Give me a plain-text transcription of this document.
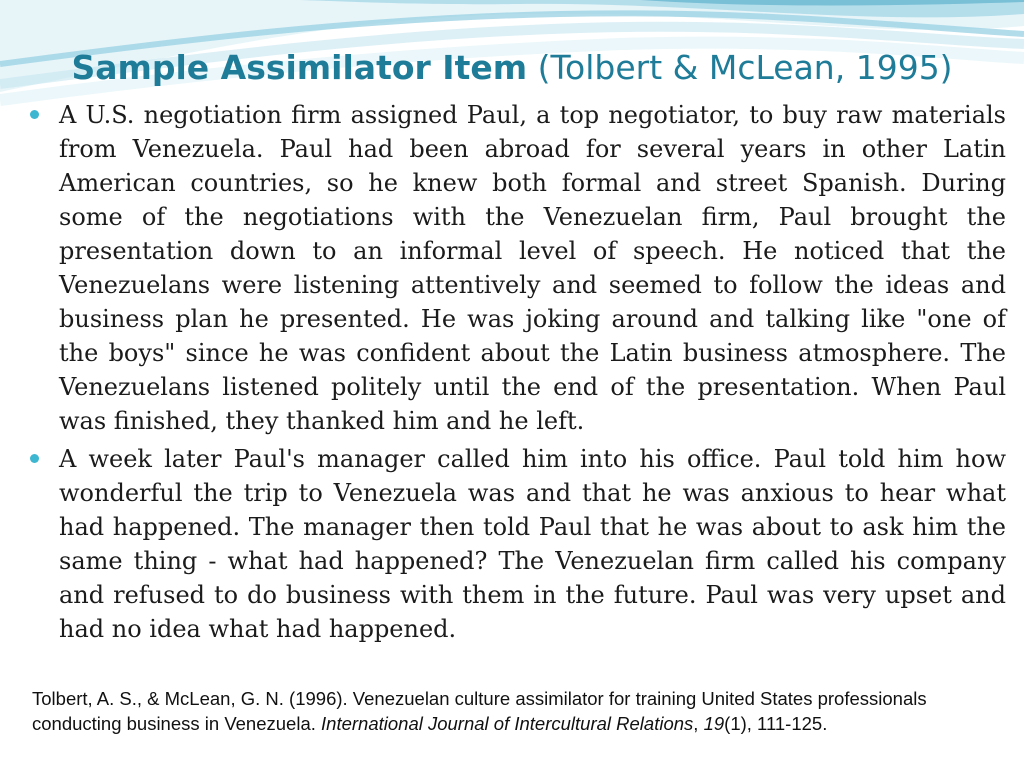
Sample Assimilator Item (Tolbert & McLean, 1995)
A U.S. negotiation firm assigned Paul, a top negotiator, to buy raw materials from Venezuela. Paul had been abroad for several years in other Latin American countries, so he knew both formal and street Spanish. During some of the negotiations with the Venezuelan firm, Paul brought the presentation down to an informal level of speech. He noticed that the Venezuelans were listening attentively and seemed to follow the ideas and business plan he presented. He was joking around and talking like "one of the boys" since he was confident about the Latin business atmosphere. The Venezuelans listened politely until the end of the presentation. When Paul was finished, they thanked him and he left.
A week later Paul's manager called him into his office. Paul told him how wonderful the trip to Venezuela was and that he was anxious to hear what had happened. The manager then told Paul that he was about to ask him the same thing - what had happened? The Venezuelan firm called his company and refused to do business with them in the future. Paul was very upset and had no idea what had happened.
Tolbert, A. S., & McLean, G. N. (1996). Venezuelan culture assimilator for training United States professionals conducting business in Venezuela. International Journal of Intercultural Relations, 19(1), 111-125.
